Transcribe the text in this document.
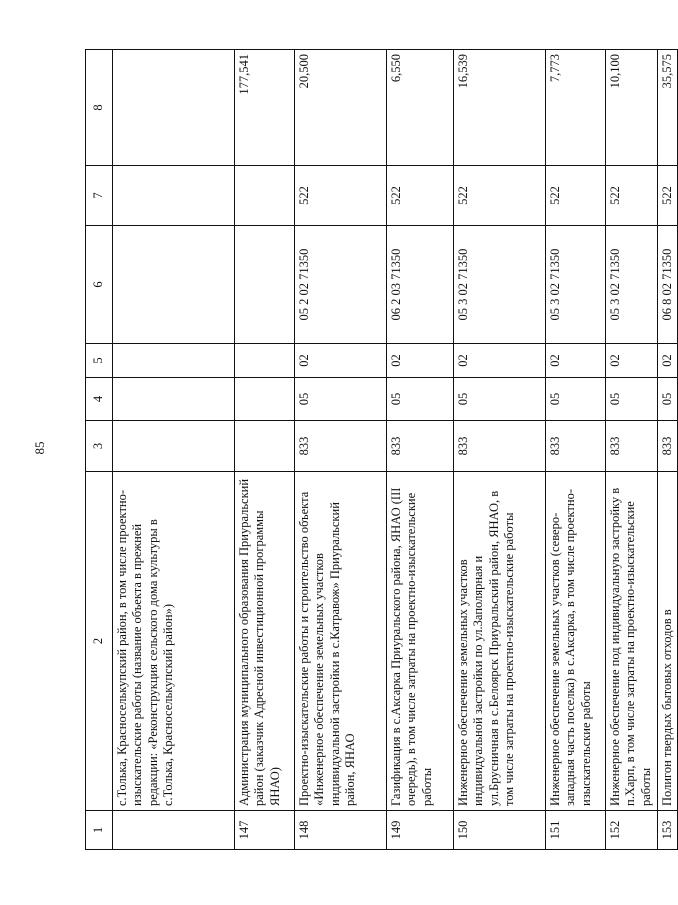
85
1	2	3	4	5	6	7	8
	с.Толька, Красноселькупский район, в том числе проектно-изыскательские работы (название объекта в прежней редакции: «Реконструкция сельского дома культуры в с.Толька, Красноселькупский район»)						
147	Администрация муниципального образования Приуральский район (заказчик Адресной инвестиционной программы ЯНАО)						177,541
148	Проектно-изыскательские работы и строительство объекта «Инженерное обеспечение земельных участков индивидуальной застройки в с.Катравож» Приуральский район, ЯНАО	833	05	02	05 2 02 71350	522	20,500
149	Газификация в с.Аксарка Приуральского района, ЯНАО (III очередь), в том числе затраты на проектно-изыскательские работы	833	05	02	06 2 03 71350	522	6,550
150	Инженерное обеспечение земельных участков индивидуальной застройки по ул.Заполярная и ул.Брусничная в с.Белоярск Приуральский район, ЯНАО, в том числе затраты на проектно-изыскательские работы	833	05	02	05 3 02 71350	522	16,539
151	Инженерное обеспечение земельных участков (северо-западная часть поселка) в с.Аксарка, в том числе проектно-изыскательские работы	833	05	02	05 3 02 71350	522	7,773
152	Инженерное обеспечение под индивидуальную застройку в п.Харп, в том числе затраты на проектно-изыскательские работы	833	05	02	05 3 02 71350	522	10,100
153	Полигон твердых бытовых отходов в	833	05	02	06 8 02 71350	522	35,575
